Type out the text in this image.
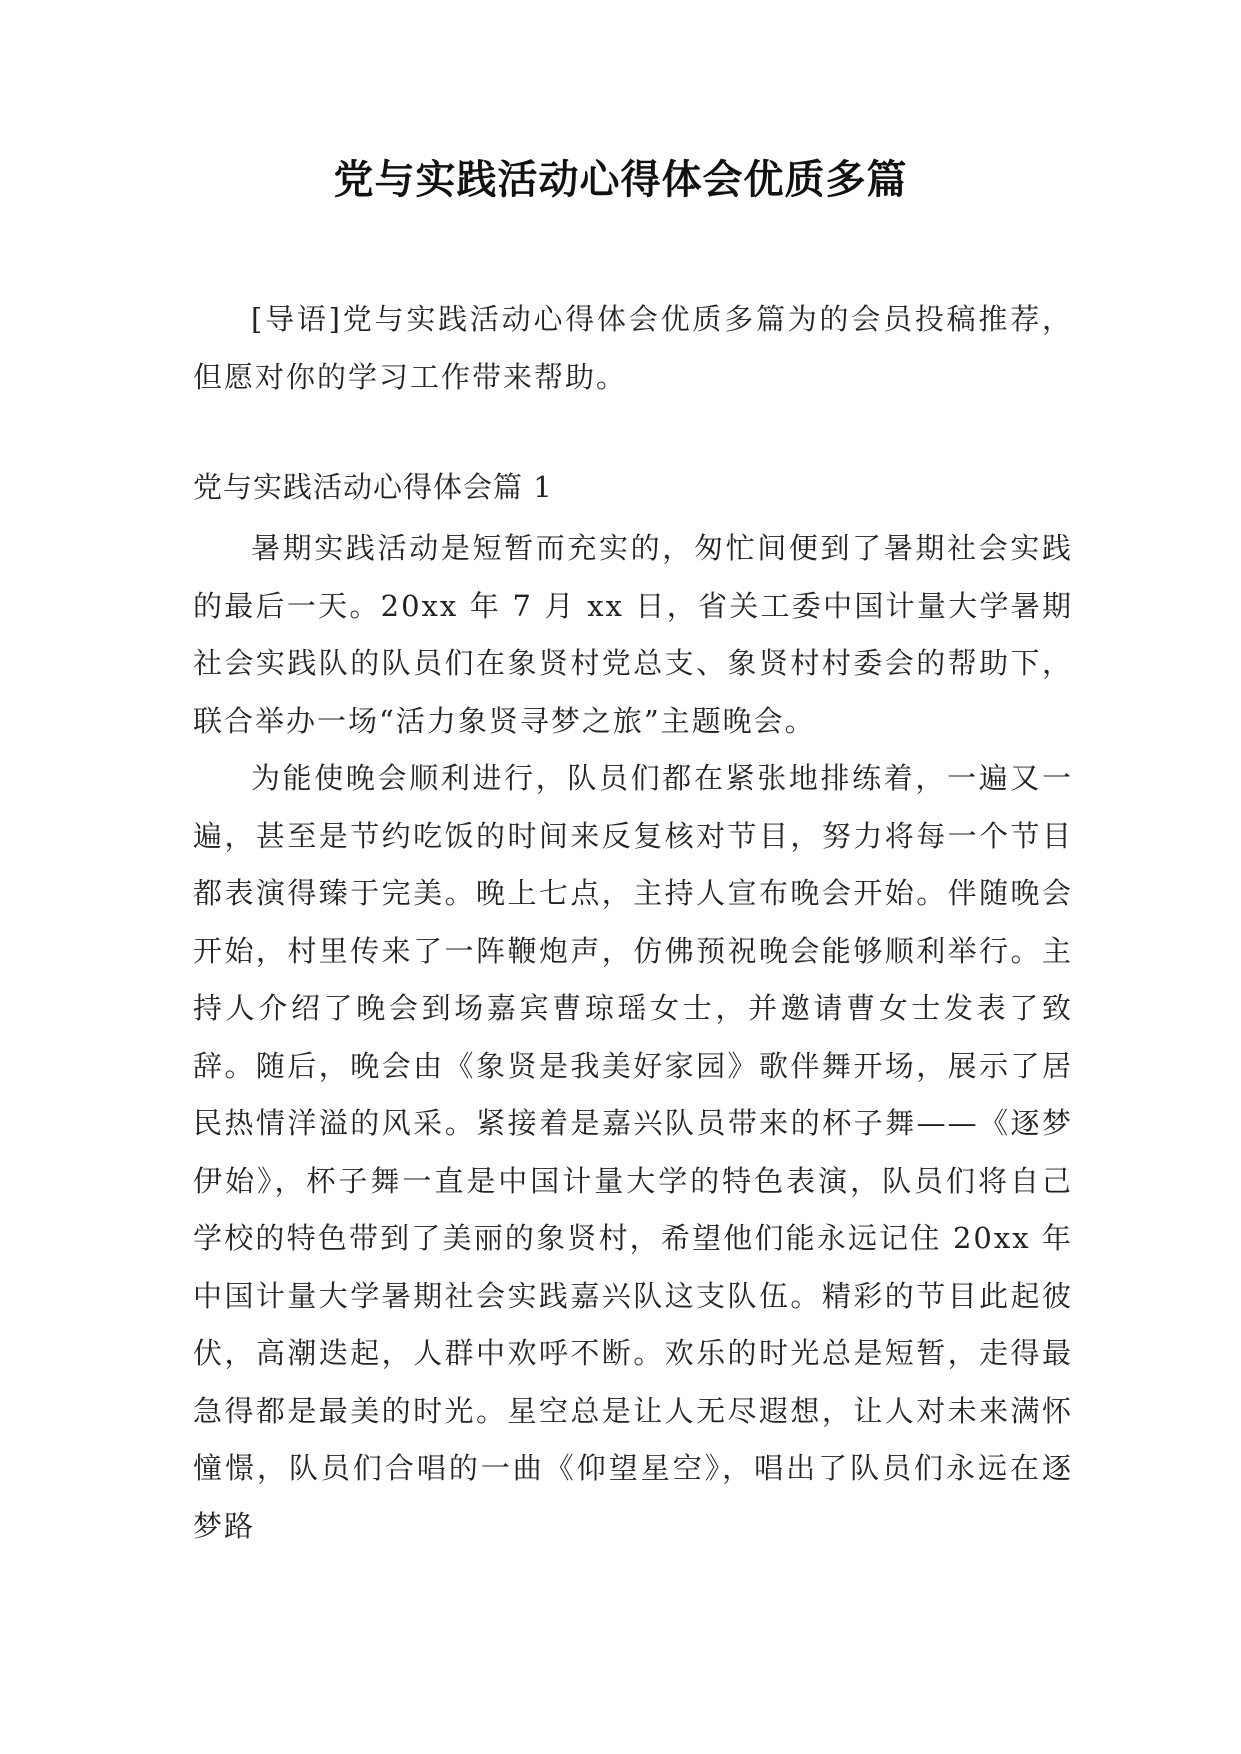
党与实践活动心得体会优质多篇

[导语]党与实践活动心得体会优质多篇为的会员投稿推荐，但愿对你的学习工作带来帮助。

党与实践活动心得体会篇 1

暑期实践活动是短暂而充实的，匆忙间便到了暑期社会实践的最后一天。20xx 年 7 月 xx 日，省关工委中国计量大学暑期社会实践队的队员们在象贤村党总支、象贤村村委会的帮助下，联合举办一场“活力象贤寻梦之旅”主题晚会。

为能使晚会顺利进行，队员们都在紧张地排练着，一遍又一遍，甚至是节约吃饭的时间来反复核对节目，努力将每一个节目都表演得臻于完美。晚上七点，主持人宣布晚会开始。伴随晚会开始，村里传来了一阵鞭炮声，仿佛预祝晚会能够顺利举行。主持人介绍了晚会到场嘉宾曹琼瑶女士，并邀请曹女士发表了致辞。随后，晚会由《象贤是我美好家园》歌伴舞开场，展示了居民热情洋溢的风采。紧接着是嘉兴队员带来的杯子舞——《逐梦伊始》，杯子舞一直是中国计量大学的特色表演，队员们将自己学校的特色带到了美丽的象贤村，希望他们能永远记住 20xx 年中国计量大学暑期社会实践嘉兴队这支队伍。精彩的节目此起彼伏，高潮迭起，人群中欢呼不断。欢乐的时光总是短暂，走得最急得都是最美的时光。星空总是让人无尽遐想，让人对未来满怀憧憬，队员们合唱的一曲《仰望星空》，唱出了队员们永远在逐梦路
